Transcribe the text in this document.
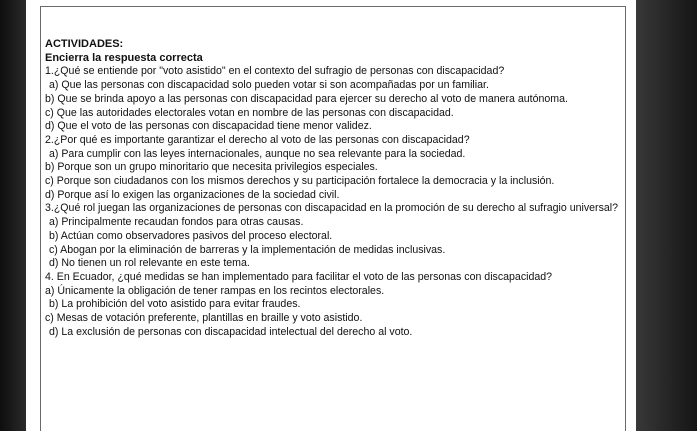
ACTIVIDADES:

Encierra la respuesta correcta

1.¿Qué se entiende por "voto asistido" en el contexto del sufragio de personas con discapacidad?

a) Que las personas con discapacidad solo pueden votar si son acompañadas por un familiar.

b) Que se brinda apoyo a las personas con discapacidad para ejercer su derecho al voto de manera autónoma.

c) Que las autoridades electorales votan en nombre de las personas con discapacidad.

d) Que el voto de las personas con discapacidad tiene menor validez.

2.¿Por qué es importante garantizar el derecho al voto de las personas con discapacidad?

a) Para cumplir con las leyes internacionales, aunque no sea relevante para la sociedad.

b) Porque son un grupo minoritario que necesita privilegios especiales.

c) Porque son ciudadanos con los mismos derechos y su participación fortalece la democracia y la inclusión.

d) Porque así lo exigen las organizaciones de la sociedad civil.

3.¿Qué rol juegan las organizaciones de personas con discapacidad en la promoción de su derecho al sufragio universal?

a) Principalmente recaudan fondos para otras causas.

b) Actúan como observadores pasivos del proceso electoral.

c) Abogan por la eliminación de barreras y la implementación de medidas inclusivas.

d) No tienen un rol relevante en este tema.

4. En Ecuador, ¿qué medidas se han implementado para facilitar el voto de las personas con discapacidad?

a) Únicamente la obligación de tener rampas en los recintos electorales.

b) La prohibición del voto asistido para evitar fraudes.

c) Mesas de votación preferente, plantillas en braille y voto asistido.

d) La exclusión de personas con discapacidad intelectual del derecho al voto.
